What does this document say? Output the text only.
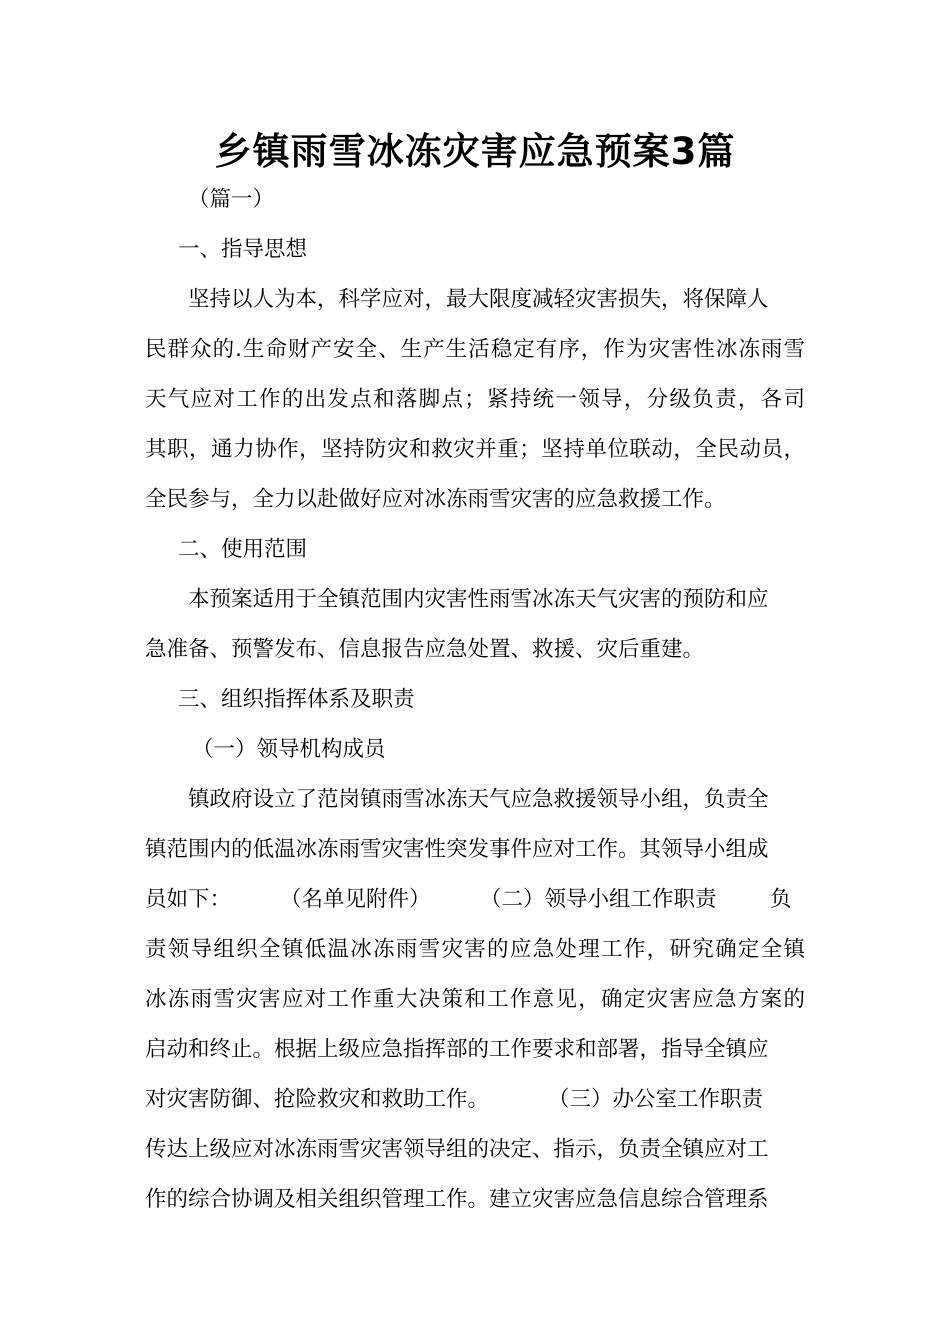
乡镇雨雪冰冻灾害应急预案3篇
（篇一）
一、指导思想
坚持以人为本，科学应对，最大限度减轻灾害损失，将保障人
民群众的.生命财产安全、生产生活稳定有序，作为灾害性冰冻雨雪
天气应对工作的出发点和落脚点；紧持统一领导，分级负责，各司
其职，通力协作，坚持防灾和救灾并重；坚持单位联动，全民动员，
全民参与，全力以赴做好应对冰冻雨雪灾害的应急救援工作。
二、使用范围
本预案适用于全镇范围内灾害性雨雪冰冻天气灾害的预防和应
急准备、预警发布、信息报告应急处置、救援、灾后重建。
三、组织指挥体系及职责
（一）领导机构成员
镇政府设立了范岗镇雨雪冰冻天气应急救援领导小组，负责全
镇范围内的低温冰冻雨雪灾害性突发事件应对工作。其领导小组成
员如下： （名单见附件） （二）领导小组工作职责 负
责领导组织全镇低温冰冻雨雪灾害的应急处理工作，研究确定全镇
冰冻雨雪灾害应对工作重大决策和工作意见，确定灾害应急方案的
启动和终止。根据上级应急指挥部的工作要求和部署，指导全镇应
对灾害防御、抢险救灾和救助工作。	（三）办公室工作职责
传达上级应对冰冻雨雪灾害领导组的决定、指示，负责全镇应对工
作的综合协调及相关组织管理工作。建立灾害应急信息综合管理系
